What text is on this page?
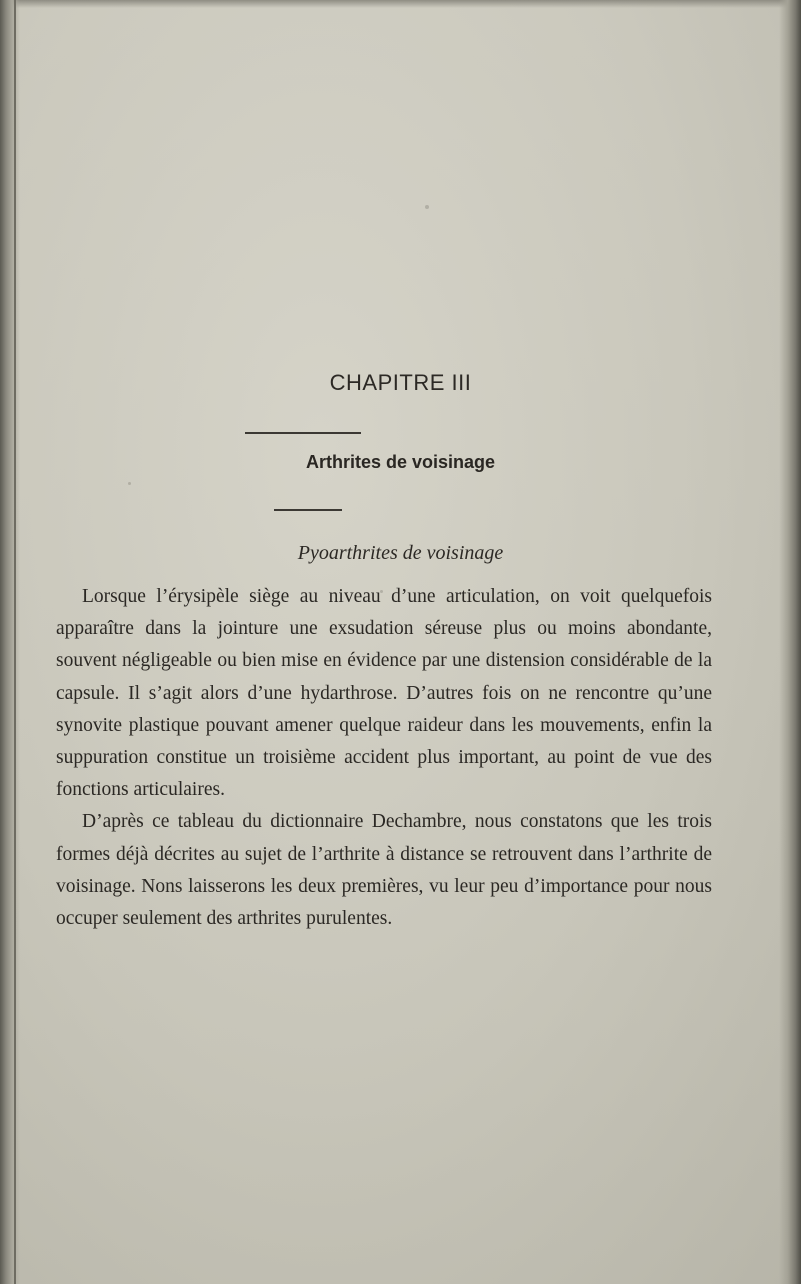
CHAPITRE III
Arthrites de voisinage
Pyoarthrites de voisinage

Lorsque l’érysipèle siège au niveau d’une articulation, on voit quelquefois apparaître dans la jointure une exsudation séreuse plus ou moins abondante, souvent négligeable ou bien mise en évidence par une distension considérable de la capsule. Il s’agit alors d’une hydarthrose. D’autres fois on ne rencontre qu’une synovite plastique pouvant amener quelque raideur dans les mouvements, enfin la suppuration constitue un troisième accident plus important, au point de vue des fonctions articulaires.

D’après ce tableau du dictionnaire Dechambre, nous constatons que les trois formes déjà décrites au sujet de l’arthrite à distance se retrouvent dans l’arthrite de voisinage. Nons laisserons les deux premières, vu leur peu d’importance pour nous occuper seulement des arthrites purulentes.
